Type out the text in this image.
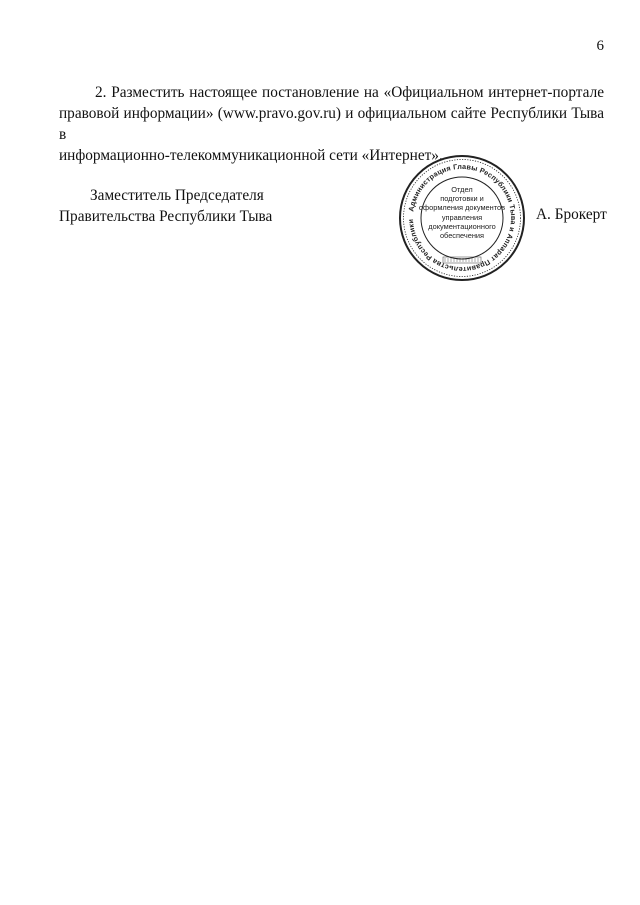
6
2. Разместить настоящее постановление на «Официальном интернет-портале
правовой информации» (www.pravo.gov.ru) и официальном сайте Республики Тыва в
информационно-телекоммуникационной сети «Интернет».
Заместитель Председателя
Правительства Республики Тыва	Администрация Главы Республики Тыва и Аппарат Правительства Республики
Отдел
подготовки и
оформления документов
управления
документационного
обеспечения
А. Брокерт
